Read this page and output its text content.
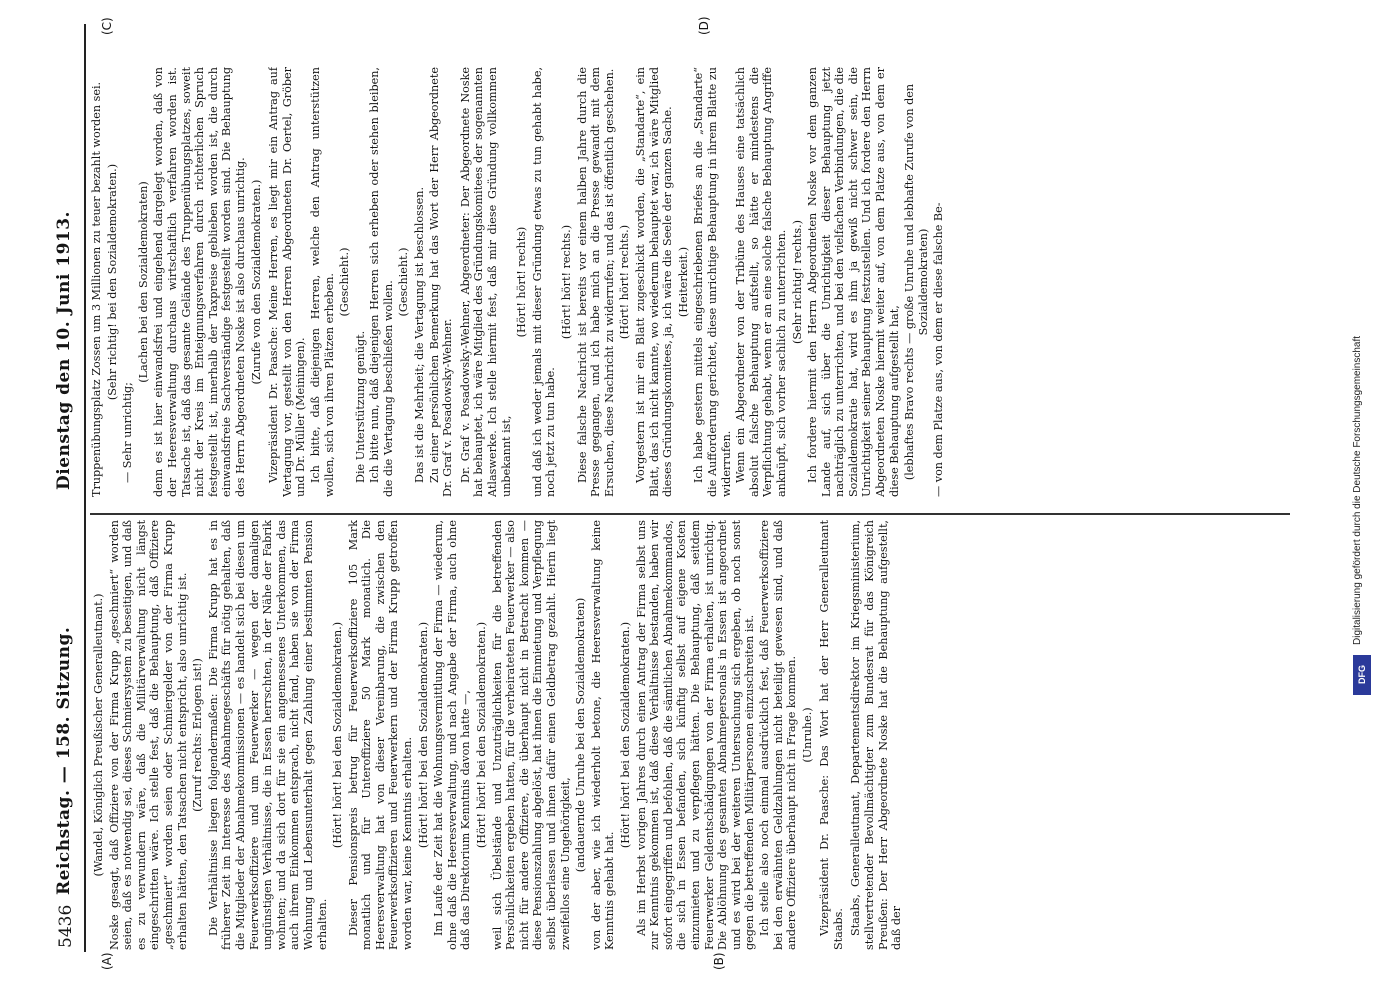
5436
Reichstag. — 158. Sitzung.
Dienstag den 10. Juni 1913.
(A)	(B)
(C)	(D)

(Wandel, Königlich Preußischer Generalleutnant.) Noske gesagt, daß Offiziere von der Firma Krupp „geschmiert“ worden seien, daß es notwendig sei, dieses Schmiersystem zu beseitigen, und daß es zu verwundern wäre, daß die Militärverwaltung nicht längst eingeschritten wäre. Ich stelle fest, daß die Behauptung, daß Offiziere „geschmiert“ worden seien oder Schmiergelder von der Firma Krupp erhalten hätten, den Tatsachen nicht entspricht, also unrichtig ist. (Zuruf rechts: Erlogen ist!) Die Verhältnisse liegen folgendermaßen: Die Firma Krupp hat es in früherer Zeit im Interesse des Abnahmegeschäfts für nötig gehalten, daß die Mitglieder der Abnahmekommissionen — es handelt sich bei diesen um Feuerwerksoffiziere und um Feuerwerker — wegen der damaligen ungünstigen Verhältnisse, die in Essen herrschten, in der Nähe der Fabrik wohnten; und da sich dort für sie ein angemessenes Unterkommen, das auch ihrem Einkommen entsprach, nicht fand, haben sie von der Firma Wohnung und Lebensunterhalt gegen Zahlung einer bestimmten Pension erhalten.

(Hört! hört! bei den Sozialdemokraten.) Dieser Pensionspreis betrug für Feuerwerksoffiziere 105 Mark monatlich und für Unteroffiziere 50 Mark monatlich. Die Heeresverwaltung hat von dieser Vereinbarung, die zwischen den Feuerwerksoffizieren und Feuerwerkern und der Firma Krupp getroffen worden war, keine Kenntnis erhalten. (Hört! hört! bei den Sozialdemokraten.) Im Laufe der Zeit hat die Wohnungsvermittlung der Firma — wiederum, ohne daß die Heeresverwaltung, und nach Angabe der Firma, auch ohne daß das Direktorium Kenntnis davon hatte —, (Hört! hört! bei den Sozialdemokraten.) weil sich Übelstände und Unzuträglichkeiten für die betreffenden Persönlichkeiten ergeben hatten, für die verheirateten Feuerwerker — also nicht für andere Offiziere, die überhaupt nicht in Betracht kommen — diese Pensionszahlung abgelöst, hat ihnen die Einmietung und Verpflegung selbst überlassen und ihnen dafür einen Geldbetrag gezahlt. Hierin liegt zweifellos eine Ungehörigkeit, (andauernde Unruhe bei den Sozialdemokraten) von der aber, wie ich wiederholt betone, die Heeresverwaltung keine Kenntnis gehabt hat.

(Hört! hört! bei den Sozialdemokraten.) Als im Herbst vorigen Jahres durch einen Antrag der Firma selbst uns zur Kenntnis gekommen ist, daß diese Verhältnisse bestanden, haben wir sofort eingegriffen und befohlen, daß die sämtlichen Abnahmekommandos, die sich in Essen befanden, sich künftig selbst auf eigene Kosten einzumieten und zu verpflegen hätten. Die Behauptung, daß seitdem Feuerwerker Geldentschädigungen von der Firma erhalten, ist unrichtig. Die Ablöhnung des gesamten Abnahmepersonals in Essen ist angeordnet und es wird bei der weiteren Untersuchung sich ergeben, ob noch sonst gegen die betreffenden Militärpersonen einzuschreiten ist. Ich stelle also noch einmal ausdrücklich fest, daß Feuerwerksoffiziere bei den erwähnten Geldzahlungen nicht beteiligt gewesen sind, und daß andere Offiziere überhaupt nicht in Frage kommen. (Unruhe.) Vizepräsident Dr. Paasche: Das Wort hat der Herr Generalleutnant Staabs. Staabs, Generalleutnant, Departementsdirektor im Kriegsministerium, stellvertretender Bevollmächtigter zum Bundesrat für das Königreich Preußen: Der Herr Abgeordnete Noske hat die Behauptung aufgestellt, daß der

Truppenübungsplatz Zossen um 3 Millionen zu teuer bezahlt worden sei. (Sehr richtig! bei den Sozialdemokraten.)

— Sehr unrichtig;

(Lachen bei den Sozialdemokraten) denn es ist hier einwandsfrei und eingehend dargelegt worden, daß von der Heeresverwaltung durchaus wirtschaftlich verfahren worden ist. Tatsache ist, daß das gesamte Gelände des Truppenübungsplatzes, soweit nicht der Kreis im Enteignungsverfahren durch richterlichen Spruch festgestellt ist, innerhalb der Taxpreise geblieben worden ist, die durch einwandsfreie Sachverständige festgestellt worden sind. Die Behauptung des Herrn Abgeordneten Noske ist also durchaus unrichtig. (Zurufe von den Sozialdemokraten.) Vizepräsident Dr. Paasche: Meine Herren, es liegt mir ein Antrag auf Vertagung vor, gestellt von den Herren Abgeordneten Dr. Oertel, Gröber und Dr. Müller (Meiningen). Ich bitte, daß diejenigen Herren, welche den Antrag unterstützen wollen, sich von ihren Plätzen erheben. (Geschieht.)

Die Unterstützung genügt. Ich bitte nun, daß diejenigen Herren sich erheben oder stehen bleiben, die die Vertagung beschließen wollen. (Geschieht.) Das ist die Mehrheit; die Vertagung ist beschlossen. Zu einer persönlichen Bemerkung hat das Wort der Herr Abgeordnete Dr. Graf v. Posadowsky-Wehner. Dr. Graf v. Posadowsky-Wehner, Abgeordneter: Der Abgeordnete Noske hat behauptet, ich wäre Mitglied des Gründungskomitees der sogenannten Atlaswerke. Ich stelle hiermit fest, daß mir diese Gründung vollkommen unbekannt ist,

(Hört! hört! rechts) und daß ich weder jemals mit dieser Gründung etwas zu tun gehabt habe, noch jetzt zu tun habe.

(Hört! hört! rechts.) Diese falsche Nachricht ist bereits vor einem halben Jahre durch die Presse gegangen, und ich habe mich an die Presse gewandt mit dem Ersuchen, diese Nachricht zu widerrufen; und das ist öffentlich geschehen. (Hört! hört! rechts.) Vorgestern ist mir ein Blatt zugeschickt worden, die „Standarte“, ein Blatt, das ich nicht kannte, wo wiederum behauptet war, ich wäre Mitglied dieses Gründungskomitees, ja, ich wäre die Seele der ganzen Sache. (Heiterkeit.) Ich habe gestern mittels eingeschriebenen Briefes an die „Standarte“ die Aufforderung gerichtet, diese unrichtige Behauptung in ihrem Blatte zu widerrufen. Wenn ein Abgeordneter von der Tribüne des Hauses eine tatsächlich absolut falsche Behauptung aufstellt, so hätte er mindestens die Verpflichtung gehabt, wenn er an eine solche falsche Behauptung Angriffe anknüpft, sich vorher sachlich zu unterrichten. (Sehr richtig! rechts.) Ich fordere hiermit den Herrn Abgeordneten Noske vor dem ganzen Lande auf, sich über die Unrichtigkeit dieser Behauptung jetzt nachträglich zu unterrichten, und bei den vielfachen Verbindungen, die die Sozialdemokratie hat, wird es ihm ja gewiß nicht schwer sein, die Unrichtigkeit seiner Behauptung festzustellen. Und ich fordere den Herrn Abgeordneten Noske hiermit weiter auf, von dem Platze aus, von dem er diese Behauptung aufgestellt hat, (lebhaftes Bravo rechts — große Unruhe und lebhafte Zurufe von den Sozialdemokraten) — von dem Platze aus, von dem er diese falsche Be-	Digitalisierung gefördert durch die Deutsche Forschungsgemeinschaft
DFG
